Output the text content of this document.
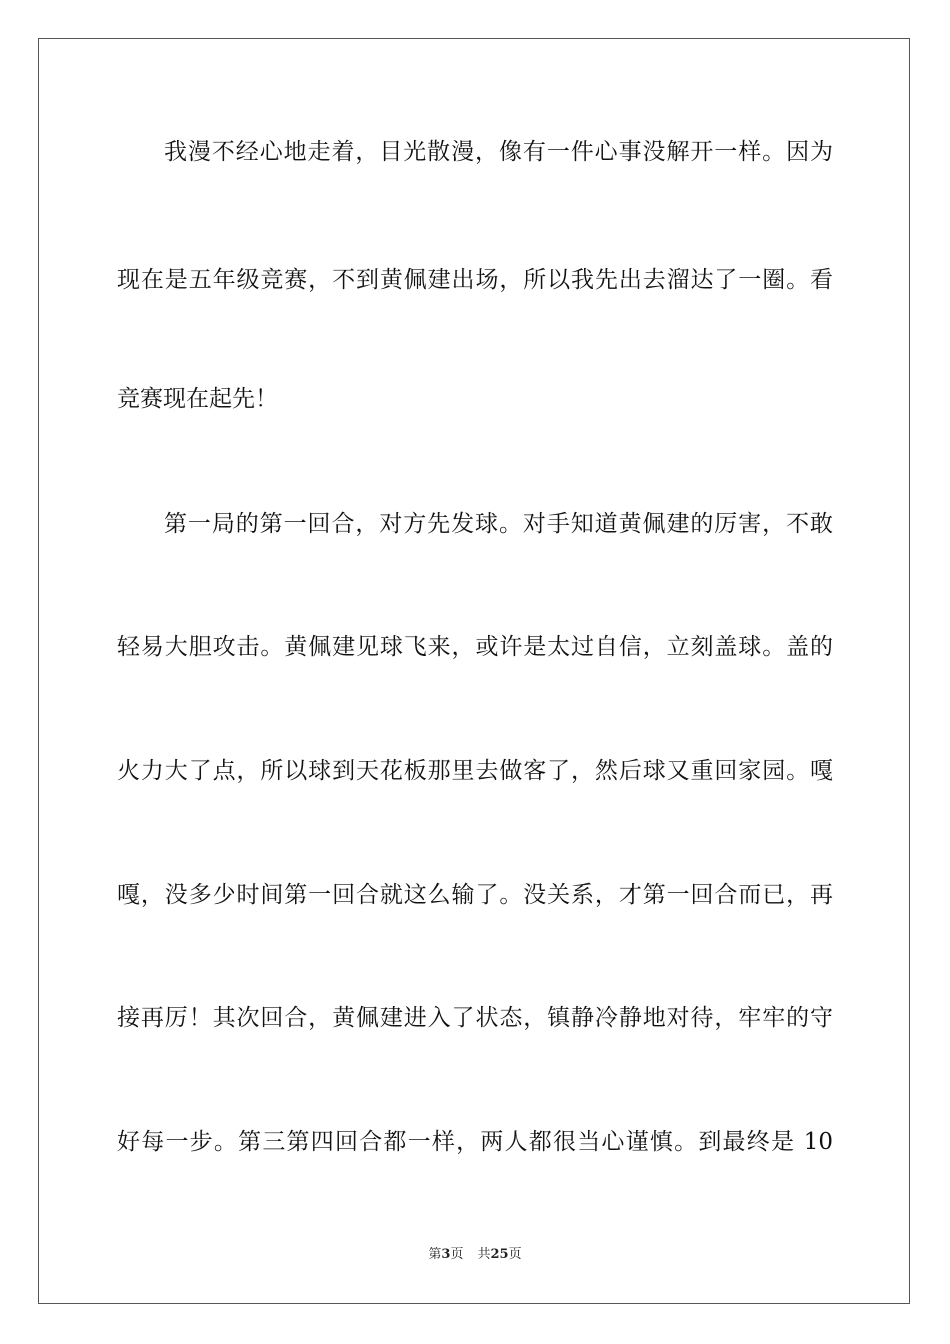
我漫不经心地走着，目光散漫，像有一件心事没解开一样。因为
现在是五年级竞赛，不到黄佩建出场，所以我先出去溜达了一圈。看
竞赛现在起先！
第一局的第一回合，对方先发球。对手知道黄佩建的厉害，不敢
轻易大胆攻击。黄佩建见球飞来，或许是太过自信，立刻盖球。盖的
火力大了点，所以球到天花板那里去做客了，然后球又重回家园。嘎
嘎，没多少时间第一回合就这么输了。没关系，才第一回合而已，再
接再厉！其次回合，黄佩建进入了状态，镇静冷静地对待，牢牢的守
好每一步。第三第四回合都一样，两人都很当心谨慎。到最终是 10
第3页 共25页
